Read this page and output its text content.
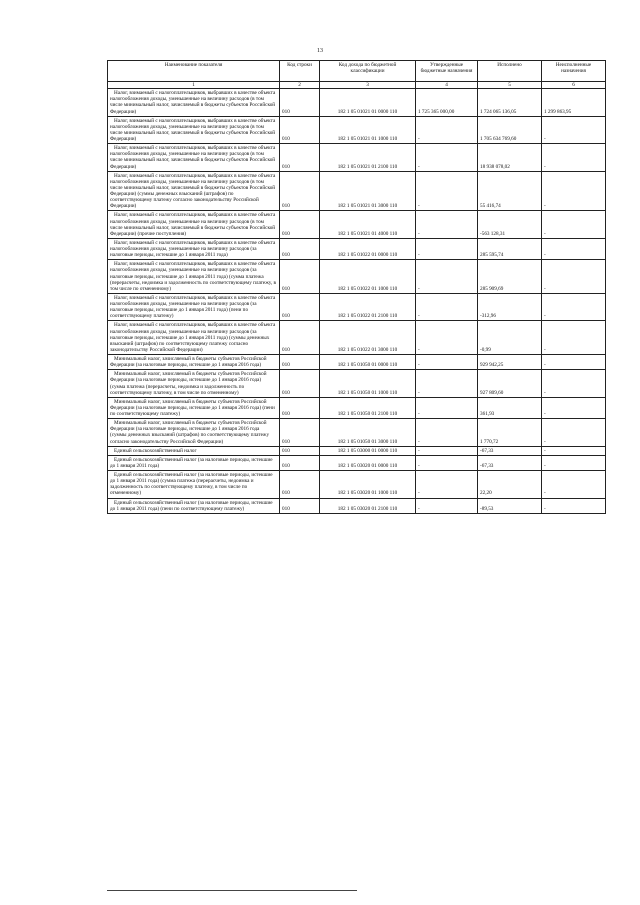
13
Наименование показателя	Код строки	Код дохода по бюджетной классификации	Утвержденные бюджетные назначения	Исполнено	Неисполненные назначения
1	2	3	4	5	6
Налог, взимаемый с налогоплательщиков, выбравших в качестве объекта налогообложения доходы, уменьшенные на величину расходов (в том числе минимальный налог, зачисляемый в бюджеты субъектов Российской Федерации)	010	182 1 05 01021 01 0000 110	1 725 365 000,00	1 724 065 136,05	1 299 863,95
Налог, взимаемый с налогоплательщиков, выбравших в качестве объекта налогообложения доходы, уменьшенные на величину расходов (в том числе минимальный налог, зачисляемый в бюджеты субъектов Российской Федерации)	010	182 1 05 01021 01 1000 110	-	1 705 634 769,60	-
Налог, взимаемый с налогоплательщиков, выбравших в качестве объекта налогообложения доходы, уменьшенные на величину расходов (в том числе минимальный налог, зачисляемый в бюджеты субъектов Российской Федерации)	010	182 1 05 01021 01 2100 110	-	18 938 078,02	-
Налог, взимаемый с налогоплательщиков, выбравших в качестве объекта налогообложения доходы, уменьшенные на величину расходов (в том числе минимальный налог, зачисляемый в бюджеты субъектов Российской Федерации) (суммы денежных взысканий (штрафов) по соответствующему платежу согласно законодательству Российской Федерации)	010	182 1 05 01021 01 3000 110	-	55 416,74	-
Налог, взимаемый с налогоплательщиков, выбравших в качестве объекта налогообложения доходы, уменьшенные на величину расходов (в том числе минимальный налог, зачисляемый в бюджеты субъектов Российской Федерации) (прочие поступления)	010	182 1 05 01021 01 4000 110	-	-563 128,31	-
Налог, взимаемый с налогоплательщиков, выбравших в качестве объекта налогообложения доходы, уменьшенные на величину расходов (за налоговые периоды, истекшие до 1 января 2011 года)	010	182 1 05 01022 01 0000 110	-	285 595,74	-
Налог, взимаемый с налогоплательщиков, выбравших в качестве объекта налогообложения доходы, уменьшенные на величину расходов (за налоговые периоды, истекшие до 1 января 2011 года) (сумма платежа (перерасчеты, недоимка и задолженность по соответствующему платежу, в том числе по отмененному)	010	182 1 05 01022 01 1000 110	-	285 909,69	-
Налог, взимаемый с налогоплательщиков, выбравших в качестве объекта налогообложения доходы, уменьшенные на величину расходов (за налоговые периоды, истекшие до 1 января 2011 года) (пени по соответствующему платежу)	010	182 1 05 01022 01 2100 110	-	-312,96	-
Налог, взимаемый с налогоплательщиков, выбравших в качестве объекта налогообложения доходы, уменьшенные на величину расходов (за налоговые периоды, истекшие до 1 января 2011 года) (суммы денежных взысканий (штрафов) по соответствующему платежу согласно законодательству Российской Федерации)	010	182 1 05 01022 01 3000 110	-	-0,99	-
Минимальный налог, зачисляемый в бюджеты субъектов Российской Федерации (за налоговые периоды, истекшие до 1 января 2016 года)	010	182 1 05 01050 01 0000 110	-	929 942,25	-
Минимальный налог, зачисляемый в бюджеты субъектов Российской Федерации (за налоговые периоды, истекшие до 1 января 2016 года) (сумма платежа (перерасчеты, недоимка и задолженность по соответствующему платежу, в том числе по отмененному)	010	182 1 05 01050 01 1000 110	-	927 809,60	-
Минимальный налог, зачисляемый в бюджеты субъектов Российской Федерации (за налоговые периоды, истекшие до 1 января 2016 года) (пени по соответствующему платежу)	010	182 1 05 01050 01 2100 110	-	361,93	-
Минимальный налог, зачисляемый в бюджеты субъектов Российской Федерации (за налоговые периоды, истекшие до 1 января 2016 года (суммы денежных взысканий (штрафов) по соответствующему платежу согласно законодательству Российской Федерации)	010	182 1 05 01050 01 3000 110	-	1 770,72	-
Единый сельскохозяйственный налог	010	182 1 05 03000 01 0000 110	-	-67,33	-
Единый сельскохозяйственный налог (за налоговые периоды, истекшие до 1 января 2011 года)	010	182 1 05 03020 01 0000 110	-	-67,33	-
Единый сельскохозяйственный налог (за налоговые периоды, истекшие до 1 января 2011 года) (сумма платежа (перерасчеты, недоимка и задолженность по соответствующему платежу, в том числе по отмененному)	010	182 1 05 03020 01 1000 110	-	22,20	-
Единый сельскохозяйственный налог (за налоговые периоды, истекшие до 1 января 2011 года) (пени по соответствующему платежу)	010	182 1 05 03020 01 2100 110	-	-89,53	-
